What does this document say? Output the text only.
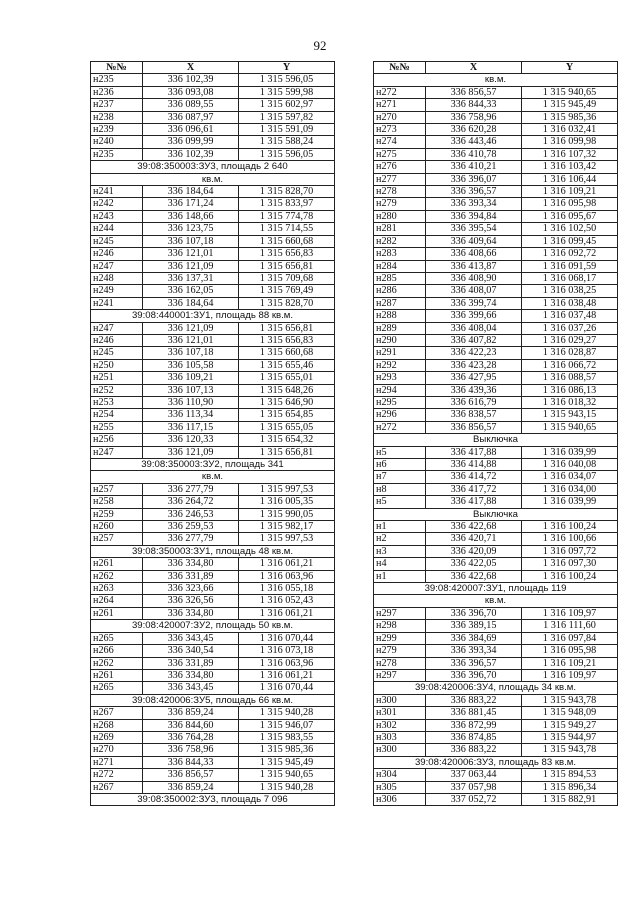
92
№№	X	Y
н235	336 102,39	1 315 596,05
н236	336 093,08	1 315 599,98
н237	336 089,55	1 315 602,97
н238	336 087,97	1 315 597,82
н239	336 096,61	1 315 591,09
н240	336 099,99	1 315 588,24
н235	336 102,39	1 315 596,05
39:08:350003:ЗУ3, площадь 2 640		
кв.м.		
н241	336 184,64	1 315 828,70
н242	336 171,24	1 315 833,97
н243	336 148,66	1 315 774,78
н244	336 123,75	1 315 714,55
н245	336 107,18	1 315 660,68
н246	336 121,01	1 315 656,83
н247	336 121,09	1 315 656,81
н248	336 137,31	1 315 709,68
н249	336 162,05	1 315 769,49
н241	336 184,64	1 315 828,70
39:08:440001:ЗУ1, площадь 88 кв.м.		
н247	336 121,09	1 315 656,81
н246	336 121,01	1 315 656,83
н245	336 107,18	1 315 660,68
н250	336 105,58	1 315 655,46
н251	336 109,21	1 315 655,01
н252	336 107,13	1 315 648,26
н253	336 110,90	1 315 646,90
н254	336 113,34	1 315 654,85
н255	336 117,15	1 315 655,05
н256	336 120,33	1 315 654,32
н247	336 121,09	1 315 656,81
39:08:350003:ЗУ2, площадь 341		
кв.м.		
н257	336 277,79	1 315 997,53
н258	336 264,72	1 316 005,35
н259	336 246,53	1 315 990,05
н260	336 259,53	1 315 982,17
н257	336 277,79	1 315 997,53
39:08:350003:ЗУ1, площадь 48 кв.м.		
н261	336 334,80	1 316 061,21
н262	336 331,89	1 316 063,96
н263	336 323,66	1 316 055,18
н264	336 326,56	1 316 052,43
н261	336 334,80	1 316 061,21
39:08:420007:ЗУ2, площадь 50 кв.м.		
н265	336 343,45	1 316 070,44
н266	336 340,54	1 316 073,18
н262	336 331,89	1 316 063,96
н261	336 334,80	1 316 061,21
н265	336 343,45	1 316 070,44
39:08:420006:ЗУ5, площадь 66 кв.м.		
н267	336 859,24	1 315 940,28
н268	336 844,60	1 315 946,07
н269	336 764,28	1 315 983,55
н270	336 758,96	1 315 985,36
н271	336 844,33	1 315 945,49
н272	336 856,57	1 315 940,65
н267	336 859,24	1 315 940,28
39:08:350002:ЗУ3, площадь 7 096		
№№	X	Y
кв.м.		
н272	336 856,57	1 315 940,65
н271	336 844,33	1 315 945,49
н270	336 758,96	1 315 985,36
н273	336 620,28	1 316 032,41
н274	336 443,46	1 316 099,98
н275	336 410,78	1 316 107,32
н276	336 410,21	1 316 103,42
н277	336 396,07	1 316 106,44
н278	336 396,57	1 316 109,21
н279	336 393,34	1 316 095,98
н280	336 394,84	1 316 095,67
н281	336 395,54	1 316 102,50
н282	336 409,64	1 316 099,45
н283	336 408,66	1 316 092,72
н284	336 413,87	1 316 091,59
н285	336 408,90	1 316 068,17
н286	336 408,07	1 316 038,25
н287	336 399,74	1 316 038,48
н288	336 399,66	1 316 037,48
н289	336 408,04	1 316 037,26
н290	336 407,82	1 316 029,27
н291	336 422,23	1 316 028,87
н292	336 423,28	1 316 066,72
н293	336 427,95	1 316 088,57
н294	336 439,36	1 316 086,13
н295	336 616,79	1 316 018,32
н296	336 838,57	1 315 943,15
н272	336 856,57	1 315 940,65
Выключка		
н5	336 417,88	1 316 039,99
н6	336 414,88	1 316 040,08
н7	336 414,72	1 316 034,07
н8	336 417,72	1 316 034,00
н5	336 417,88	1 316 039,99
Выключка		
н1	336 422,68	1 316 100,24
н2	336 420,71	1 316 100,66
н3	336 420,09	1 316 097,72
н4	336 422,05	1 316 097,30
н1	336 422,68	1 316 100,24
39:08:420007:ЗУ1, площадь 119		
кв.м.		
н297	336 396,70	1 316 109,97
н298	336 389,15	1 316 111,60
н299	336 384,69	1 316 097,84
н279	336 393,34	1 316 095,98
н278	336 396,57	1 316 109,21
н297	336 396,70	1 316 109,97
39:08:420006:ЗУ4, площадь 34 кв.м.		
н300	336 883,22	1 315 943,78
н301	336 881,45	1 315 948,09
н302	336 872,99	1 315 949,27
н303	336 874,85	1 315 944,97
н300	336 883,22	1 315 943,78
39:08:420006:ЗУ3, площадь 83 кв.м.		
н304	337 063,44	1 315 894,53
н305	337 057,98	1 315 896,34
н306	337 052,72	1 315 882,91
